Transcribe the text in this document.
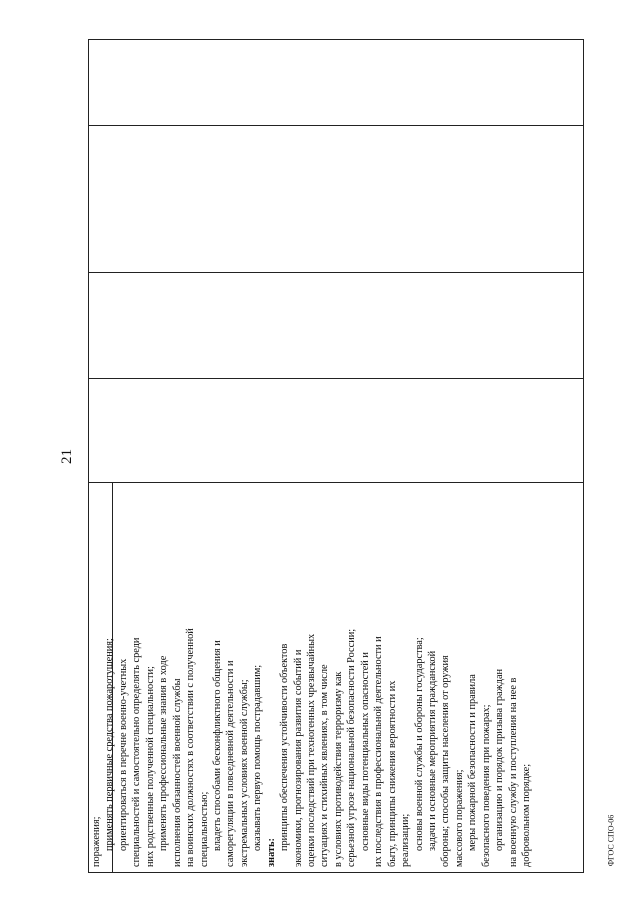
21
ФГОС СПО-06
поражения; применять первичные средства пожаротушения; ориентироваться в перечне военно-учетных специальностей и самостоятельно определять среди них родственные полученной специальности; применять профессиональные знания в ходе исполнения обязанностей военной службы на воинских должностях в соответствии с полученной специальностью; владеть способами бесконфликтного общения и саморегуляции в повседневной деятельности и экстремальных условиях военной службы; оказывать первую помощь пострадавшим;
знать:
принципы обеспечения устойчивости объектов экономики, прогнозирования развития событий и оценки последствий при техногенных чрезвычайных ситуациях и стихийных явлениях, в том числе в условиях противодействия терроризму как серьезной угрозе национальной безопасности России; основные виды потенциальных опасностей и их последствия в профессиональной деятельности и быту, принципы снижения вероятности их реализации; основы военной службы и обороны государства; задачи и основные мероприятия гражданской обороны; способы защиты населения от оружия массового поражения; меры пожарной безопасности и правила безопасного поведения при пожарах; организацию и порядок призыва граждан на военную службу и поступления на нее в добровольном порядке;
